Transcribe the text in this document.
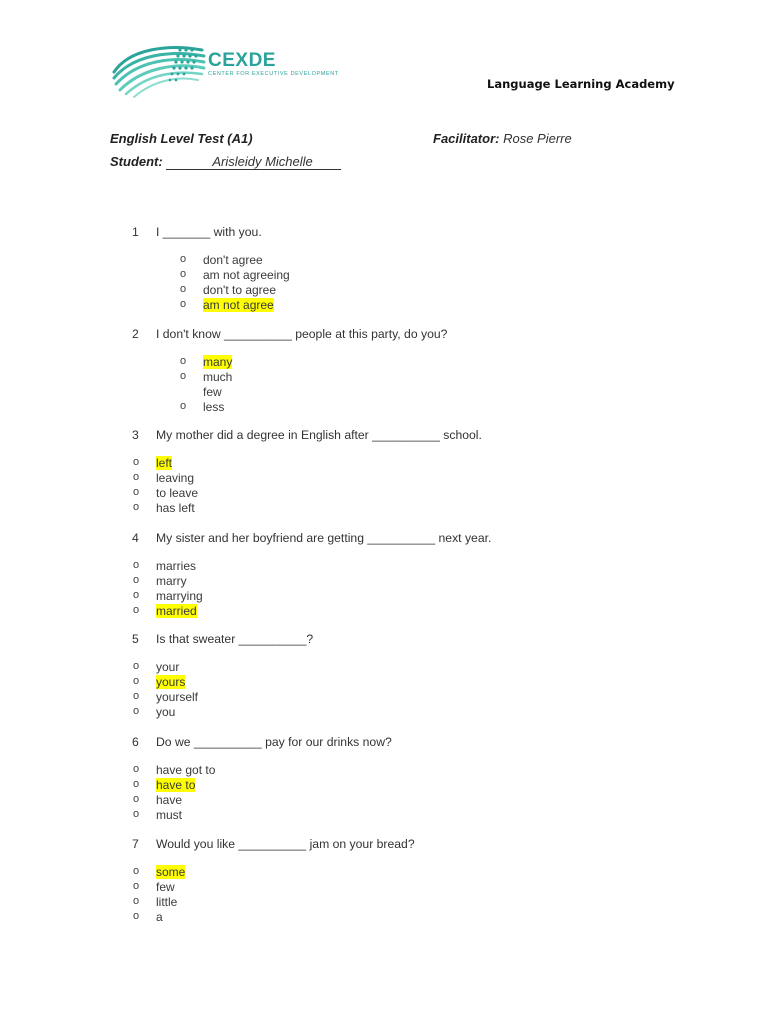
CEXDE
CENTER FOR EXECUTIVE DEVELOPMENT
Language Learning Academy
English Level Test (A1)	Facilitator: Rose Pierre
Student:	Arisleidy Michelle
1 I _______ with you.
o don't agree
o am not agreeing
o don't to agree
o am not agree
2 I don't know __________ people at this party, do you?
o many
o much
few
o less
3 My mother did a degree in English after __________ school.
o left
o leaving
o to leave
o has left
4 My sister and her boyfriend are getting __________ next year.
o marries
o marry
o marrying
o married
5 Is that sweater __________?
o your
o yours
o yourself
o you
6 Do we __________ pay for our drinks now?
o have got to
o have to
o have
o must
7 Would you like __________ jam on your bread?
o some
o few
o little
o a
